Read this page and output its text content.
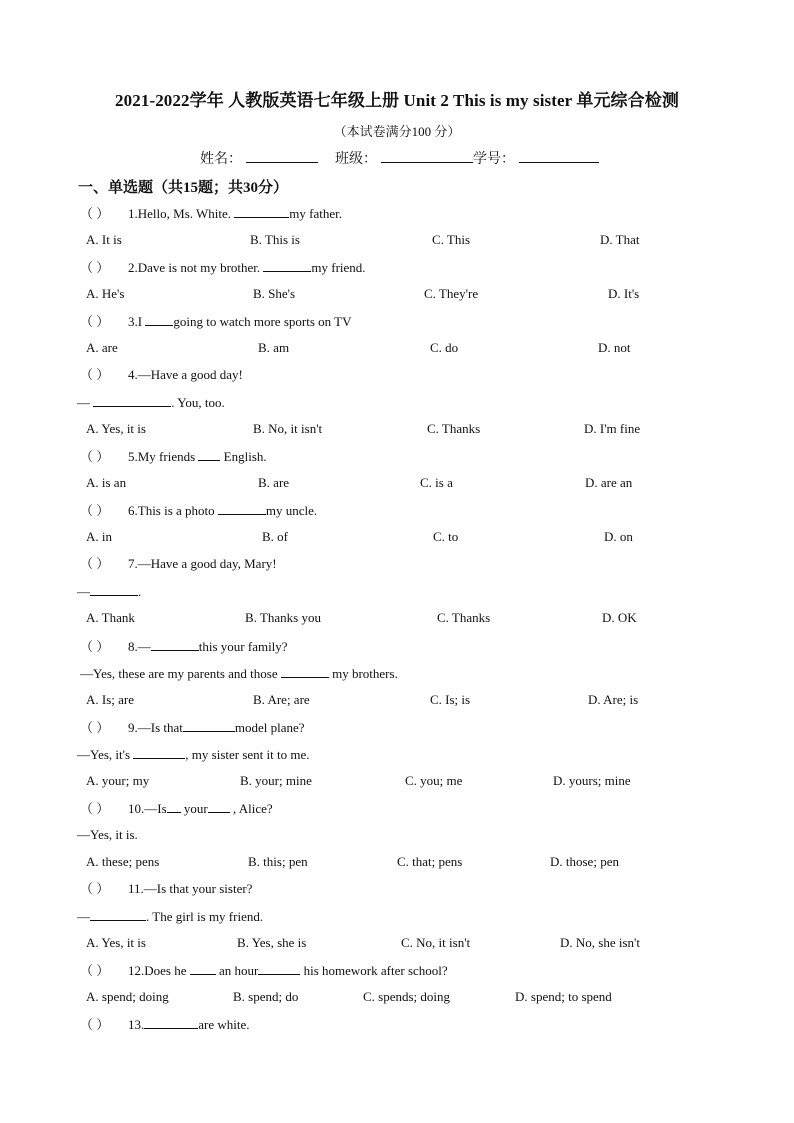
2021-2022学年 人教版英语七年级上册 Unit 2 This is my sister 单元综合检测
（本试卷满分100 分）
姓名：	班级：	学号：
一、单选题（共15题；共30分）
（ ） 1.Hello, Ms. White.	my father.
A. It is	B. This is	C. This	D. That
（ ） 2.Dave is not my brother.	my friend.
A. He's	B. She's	C. They're	D. It's
（ ） 3.I going to watch more sports on TV
A. are	B. am	C. do	D. not
（ ） 4.—Have a good day!
—	. You, too.
A. Yes, it is	B. No, it isn't	C. Thanks	D. I'm fine
（ ） 5.My friends  English.
A. is an	B. are	C. is a	D. are an
（ ） 6.This is a photo	my uncle.
A. in	B. of	C. to	D. on
（ ） 7.—Have a good day, Mary!
—	.
A. Thank	B. Thanks you	C. Thanks	D. OK
（ ） 8.—	this your family?
—Yes, these are my parents and those	my brothers.
A. Is; are	B. Are; are	C. Is; is	D. Are; is
（ ） 9.—Is that	model plane?
—Yes, it's	, my sister sent it to me.
A. your; my	B. your; mine	C. you; me	D. yours; mine
（ ） 10.—Is your , Alice?
—Yes, it is.
A. these; pens	B. this; pen	C. that; pens	D. those; pen
（ ） 11.—Is that your sister?
—	. The girl is my friend.
A. Yes, it is	B. Yes, she is	C. No, it isn't	D. No, she isn't
（ ） 12.Does he  an hour	his homework after school?
A. spend; doing	B. spend; do	C. spends; doing	D. spend; to spend
（ ） 13.	are white.
